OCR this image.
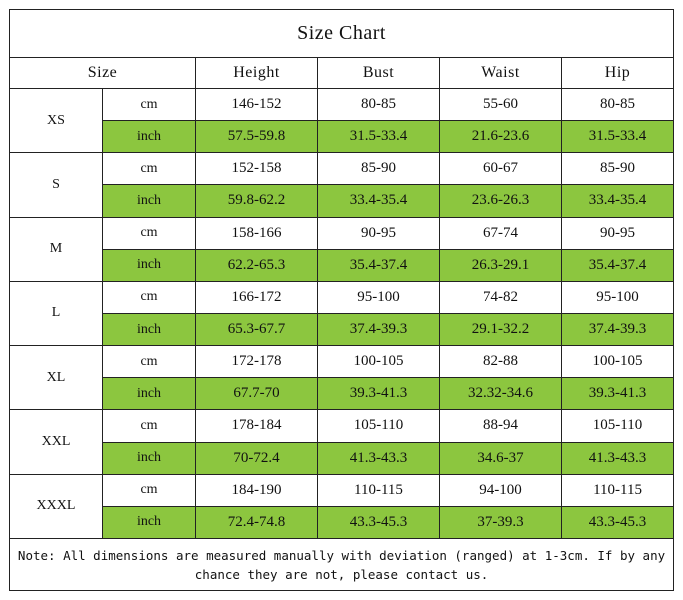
Size Chart					
Size		Height	Bust	Waist	Hip
XS	cm	146-152	80-85	55-60	80-85
	inch	57.5-59.8	31.5-33.4	21.6-23.6	31.5-33.4
S	cm	152-158	85-90	60-67	85-90
	inch	59.8-62.2	33.4-35.4	23.6-26.3	33.4-35.4
M	cm	158-166	90-95	67-74	90-95
	inch	62.2-65.3	35.4-37.4	26.3-29.1	35.4-37.4
L	cm	166-172	95-100	74-82	95-100
	inch	65.3-67.7	37.4-39.3	29.1-32.2	37.4-39.3
XL	cm	172-178	100-105	82-88	100-105
	inch	67.7-70	39.3-41.3	32.32-34.6	39.3-41.3
XXL	cm	178-184	105-110	88-94	105-110
	inch	70-72.4	41.3-43.3	34.6-37	41.3-43.3
XXXL	cm	184-190	110-115	94-100	110-115
	inch	72.4-74.8	43.3-45.3	37-39.3	43.3-45.3
Note: All dimensions are measured manually with deviation (ranged) at 1-3cm. If by any chance they are not, please contact us.					
